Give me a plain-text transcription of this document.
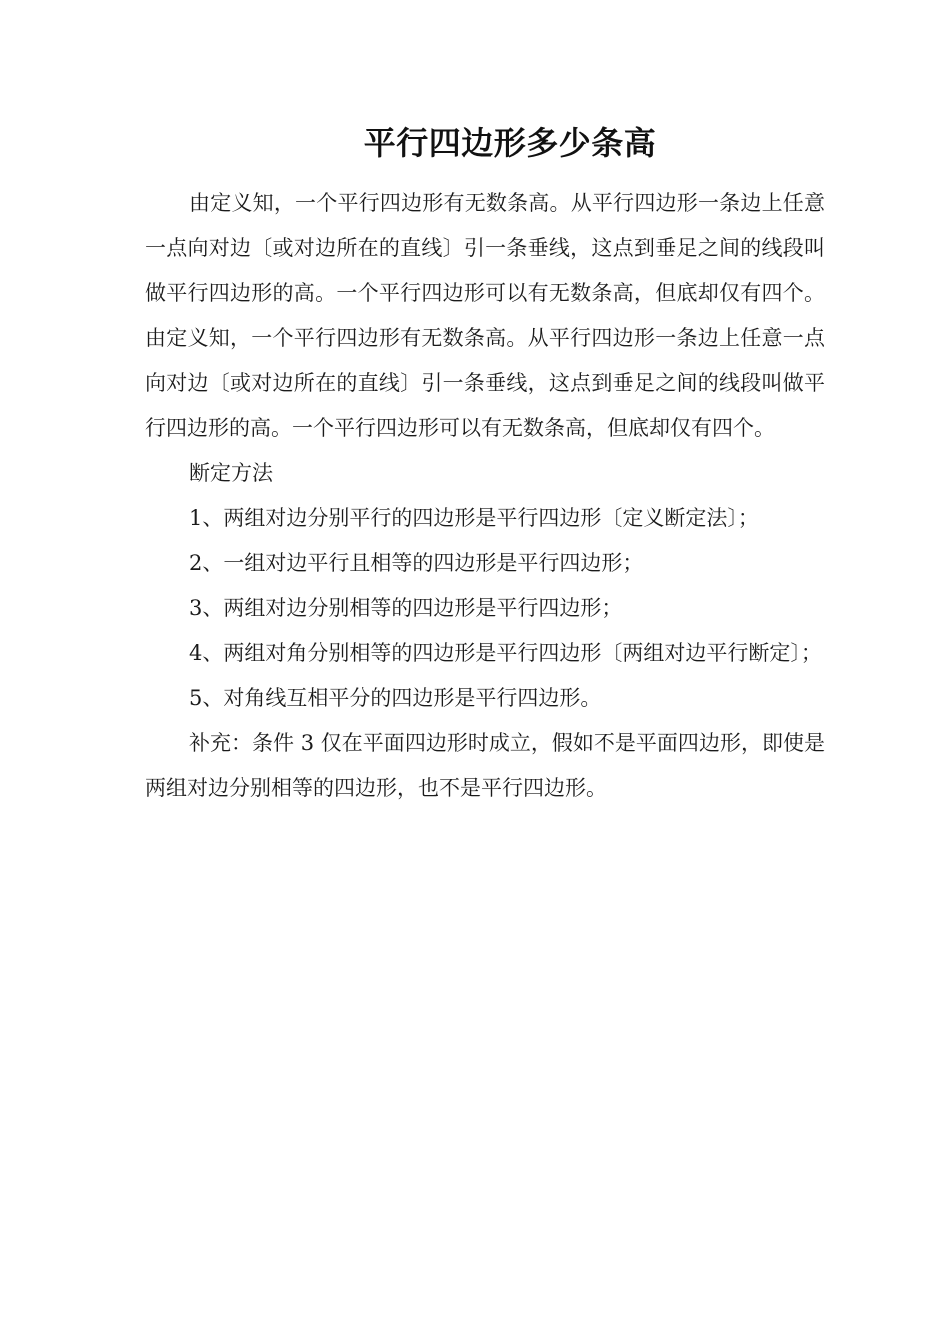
平行四边形多少条高

由定义知，一个平行四边形有无数条高。从平行四边形一条边上任意一点向对边〔或对边所在的直线〕引一条垂线，这点到垂足之间的线段叫做平行四边形的高。一个平行四边形可以有无数条高，但底却仅有四个。由定义知，一个平行四边形有无数条高。从平行四边形一条边上任意一点向对边〔或对边所在的直线〕引一条垂线，这点到垂足之间的线段叫做平行四边形的高。一个平行四边形可以有无数条高，但底却仅有四个。

断定方法

1、两组对边分别平行的四边形是平行四边形〔定义断定法〕；

2、一组对边平行且相等的四边形是平行四边形；

3、两组对边分别相等的四边形是平行四边形；

4、两组对角分别相等的四边形是平行四边形〔两组对边平行断定〕；

5、对角线互相平分的四边形是平行四边形。

补充：条件 3 仅在平面四边形时成立，假如不是平面四边形，即使是两组对边分别相等的四边形，也不是平行四边形。
